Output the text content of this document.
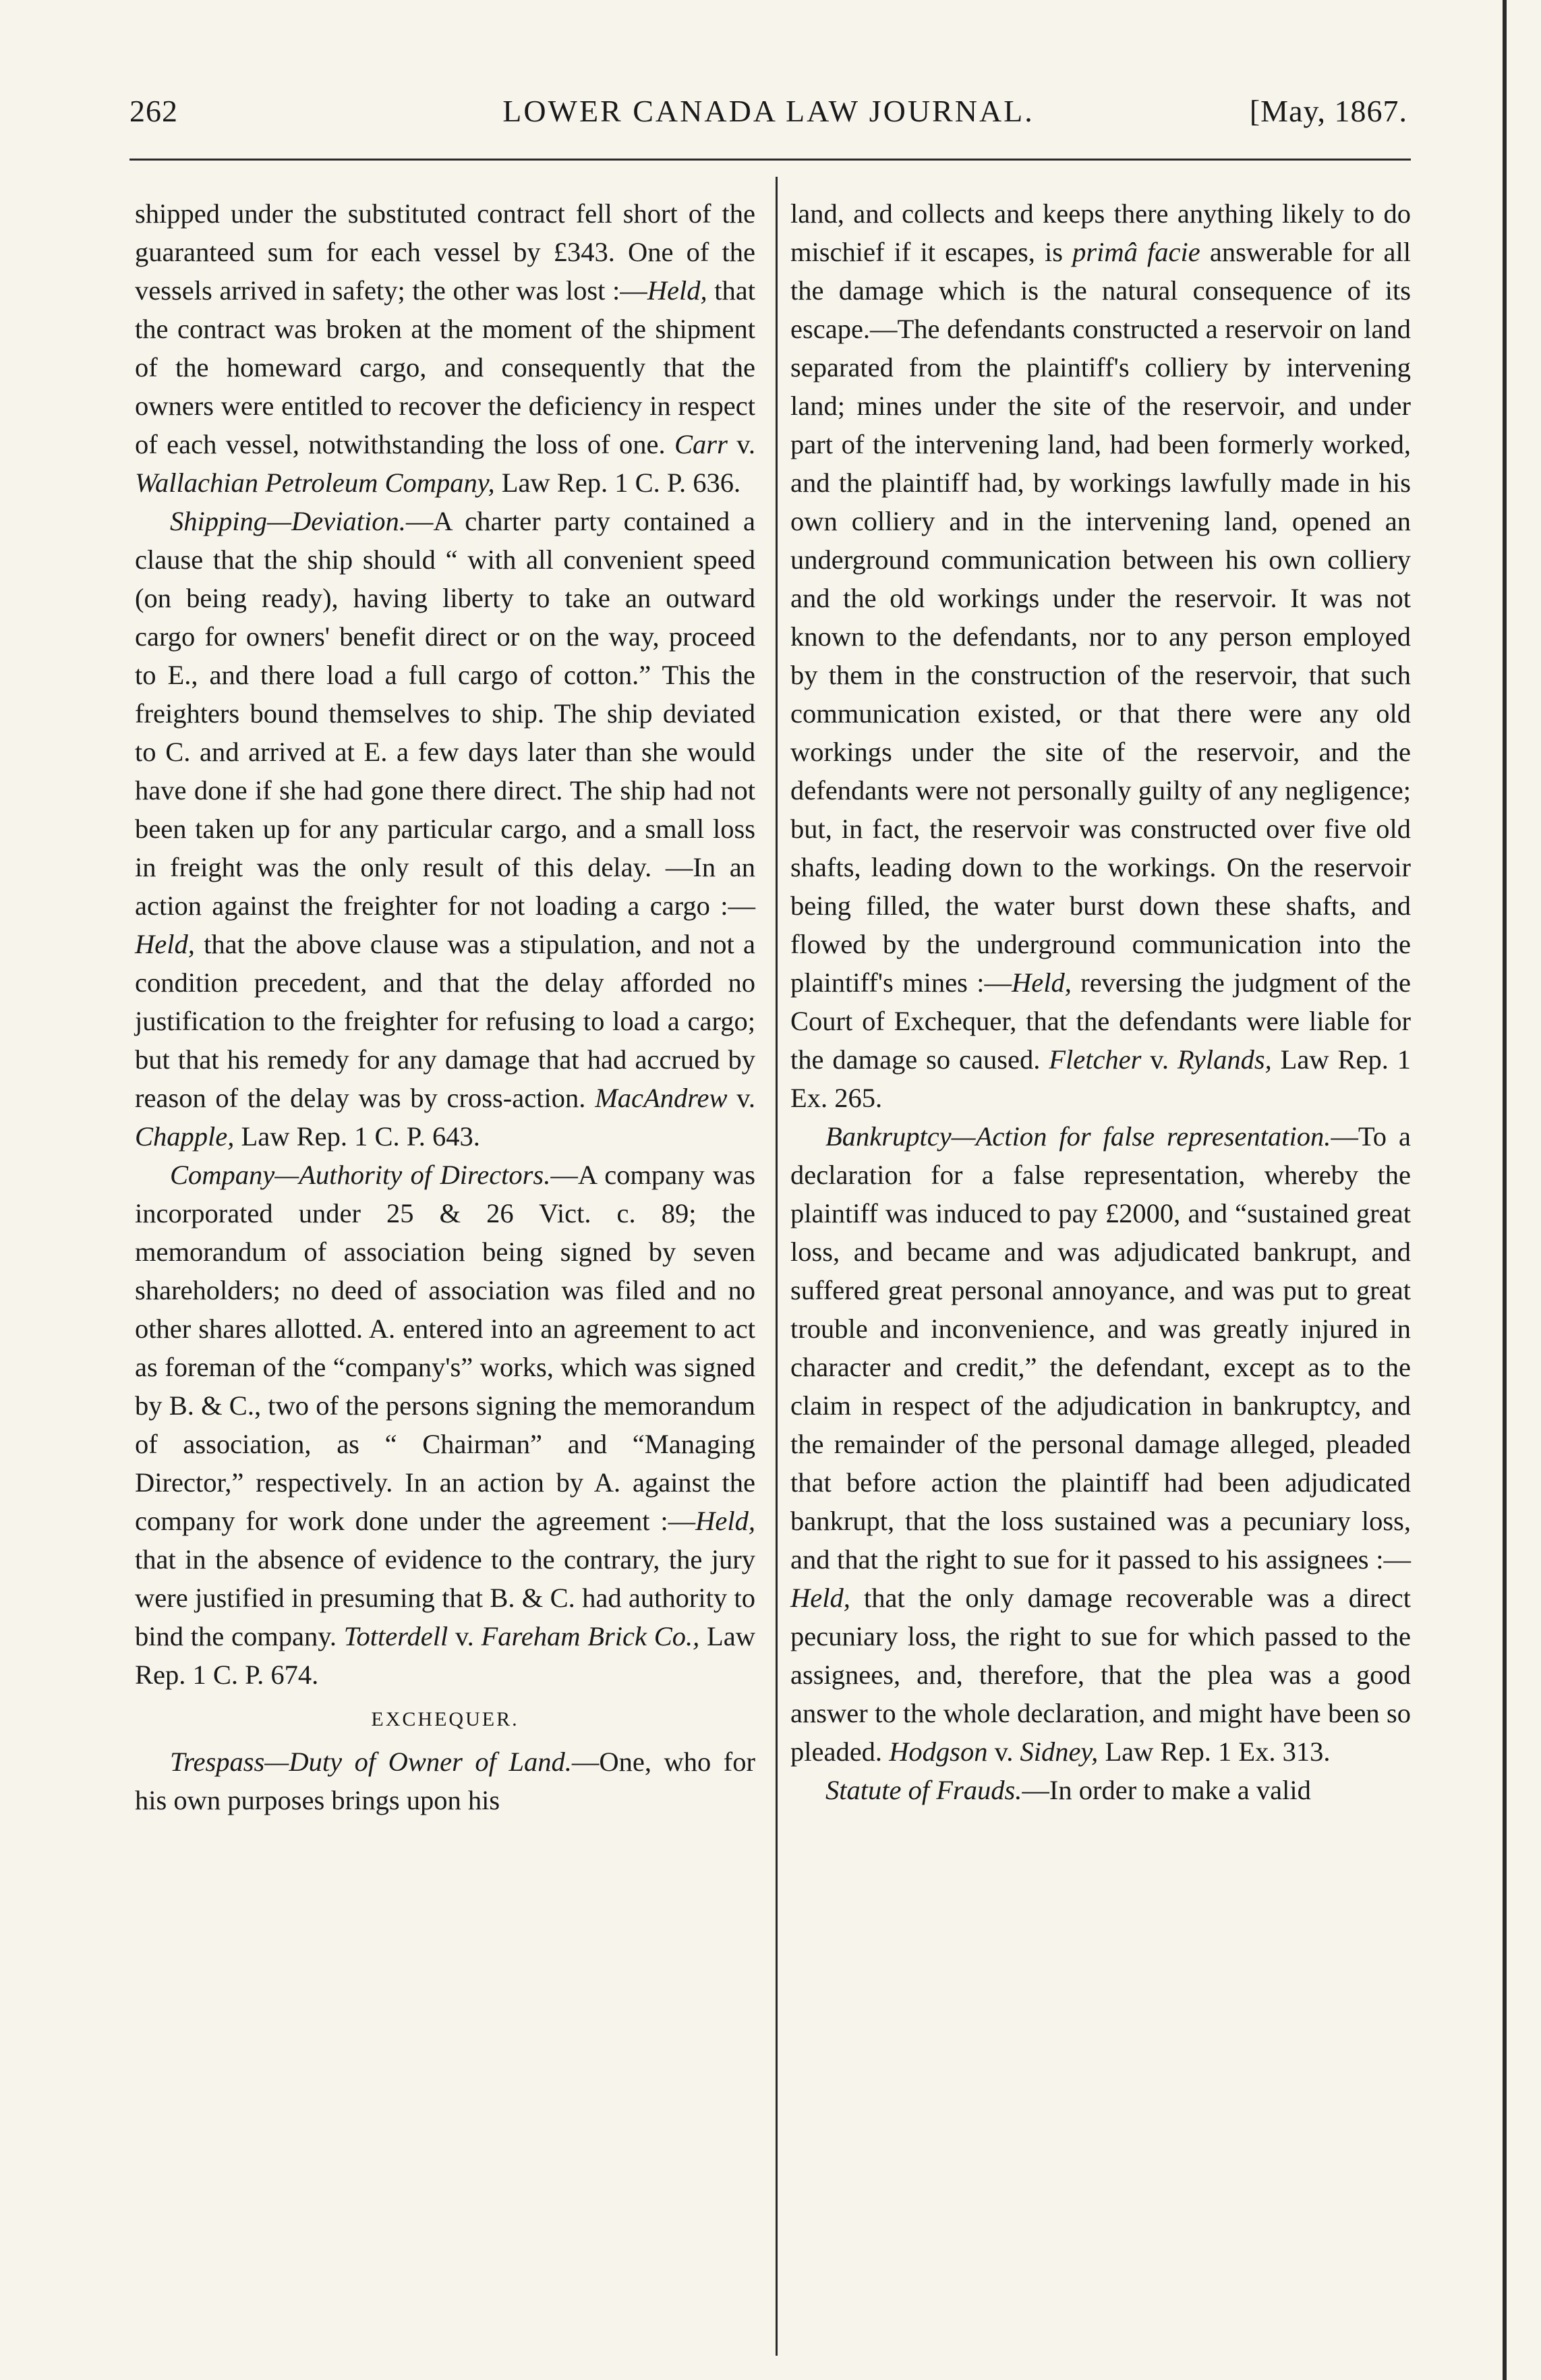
262	LOWER CANADA LAW JOURNAL.	[May, 1867.

shipped under the substituted contract fell short of the guaranteed sum for each vessel by £343. One of the vessels arrived in safety; the other was lost :—Held, that the contract was broken at the moment of the shipment of the homeward cargo, and consequently that the owners were entitled to recover the deficiency in respect of each vessel, notwithstanding the loss of one. Carr v. Wallachian Petroleum Company, Law Rep. 1 C. P. 636.

Shipping—Deviation.—A charter party contained a clause that the ship should “ with all convenient speed (on being ready), having liberty to take an outward cargo for owners' benefit direct or on the way, proceed to E., and there load a full cargo of cotton.” This the freighters bound themselves to ship. The ship deviated to C. and arrived at E. a few days later than she would have done if she had gone there direct. The ship had not been taken up for any particular cargo, and a small loss in freight was the only result of this delay. —In an action against the freighter for not loading a cargo :—Held, that the above clause was a stipulation, and not a condition precedent, and that the delay afforded no justification to the freighter for refusing to load a cargo; but that his remedy for any damage that had accrued by reason of the delay was by cross-action. MacAndrew v. Chapple, Law Rep. 1 C. P. 643.

Company—Authority of Directors.—A company was incorporated under 25 & 26 Vict. c. 89; the memorandum of association being signed by seven shareholders; no deed of association was filed and no other shares allotted. A. entered into an agreement to act as foreman of the “company's” works, which was signed by B. & C., two of the persons signing the memorandum of association, as “ Chairman” and “Managing Director,” respectively. In an action by A. against the company for work done under the agreement :—Held, that in the absence of evidence to the contrary, the jury were justified in presuming that B. & C. had authority to bind the company. Totterdell v. Fareham Brick Co., Law Rep. 1 C. P. 674.

EXCHEQUER.

Trespass—Duty of Owner of Land.—One, who for his own purposes brings upon his

land, and collects and keeps there anything likely to do mischief if it escapes, is primâ facie answerable for all the damage which is the natural consequence of its escape.—The defendants constructed a reservoir on land separated from the plaintiff's colliery by intervening land; mines under the site of the reservoir, and under part of the intervening land, had been formerly worked, and the plaintiff had, by workings lawfully made in his own colliery and in the intervening land, opened an underground communication between his own colliery and the old workings under the reservoir. It was not known to the defendants, nor to any person employed by them in the construction of the reservoir, that such communication existed, or that there were any old workings under the site of the reservoir, and the defendants were not personally guilty of any negligence; but, in fact, the reservoir was constructed over five old shafts, leading down to the workings. On the reservoir being filled, the water burst down these shafts, and flowed by the underground communication into the plaintiff's mines :—Held, reversing the judgment of the Court of Exchequer, that the defendants were liable for the damage so caused. Fletcher v. Rylands, Law Rep. 1 Ex. 265.

Bankruptcy—Action for false representation.—To a declaration for a false representation, whereby the plaintiff was induced to pay £2000, and “sustained great loss, and became and was adjudicated bankrupt, and suffered great personal annoyance, and was put to great trouble and inconvenience, and was greatly injured in character and credit,” the defendant, except as to the claim in respect of the adjudication in bankruptcy, and the remainder of the personal damage alleged, pleaded that before action the plaintiff had been adjudicated bankrupt, that the loss sustained was a pecuniary loss, and that the right to sue for it passed to his assignees :—Held, that the only damage recoverable was a direct pecuniary loss, the right to sue for which passed to the assignees, and, therefore, that the plea was a good answer to the whole declaration, and might have been so pleaded. Hodgson v. Sidney, Law Rep. 1 Ex. 313.

Statute of Frauds.—In order to make a valid
